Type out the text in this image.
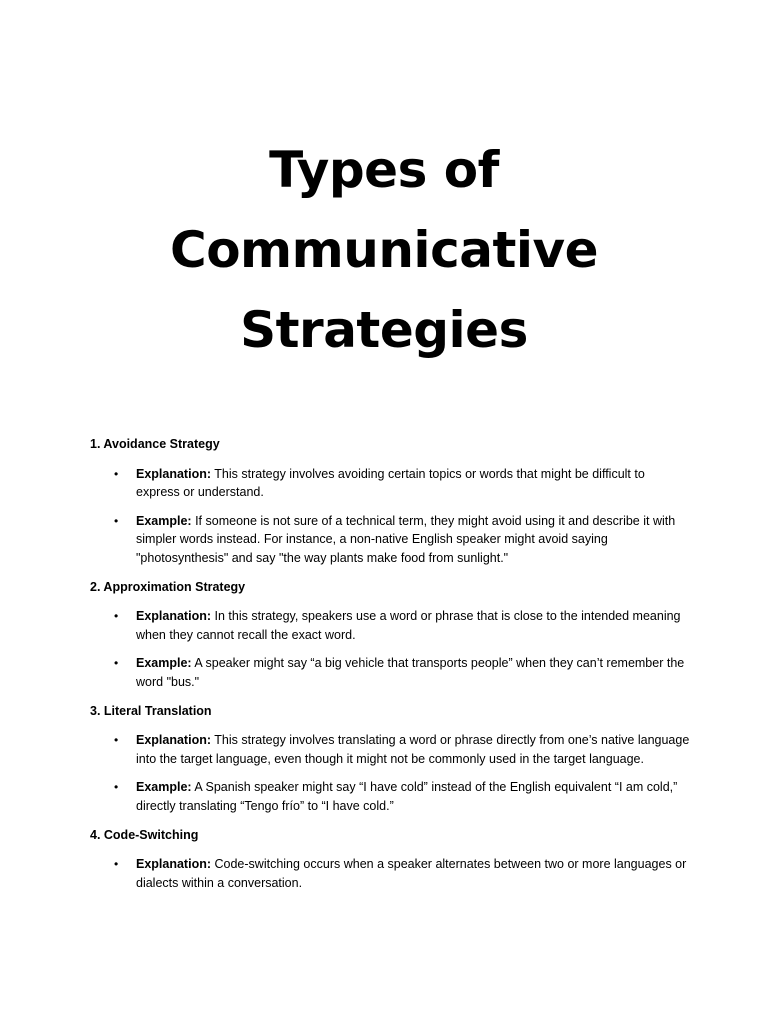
Types of
Communicative
Strategies
1. Avoidance Strategy
• Explanation: This strategy involves avoiding certain topics or words that might be difficult to express or understand.
• Example: If someone is not sure of a technical term, they might avoid using it and describe it with simpler words instead. For instance, a non-native English speaker might avoid saying "photosynthesis" and say "the way plants make food from sunlight."
2. Approximation Strategy
• Explanation: In this strategy, speakers use a word or phrase that is close to the intended meaning when they cannot recall the exact word.
• Example: A speaker might say “a big vehicle that transports people” when they can’t remember the word "bus."
3. Literal Translation
• Explanation: This strategy involves translating a word or phrase directly from one’s native language into the target language, even though it might not be commonly used in the target language.
• Example: A Spanish speaker might say “I have cold” instead of the English equivalent “I am cold,” directly translating “Tengo frío” to “I have cold.”
4. Code-Switching
• Explanation: Code-switching occurs when a speaker alternates between two or more languages or dialects within a conversation.
